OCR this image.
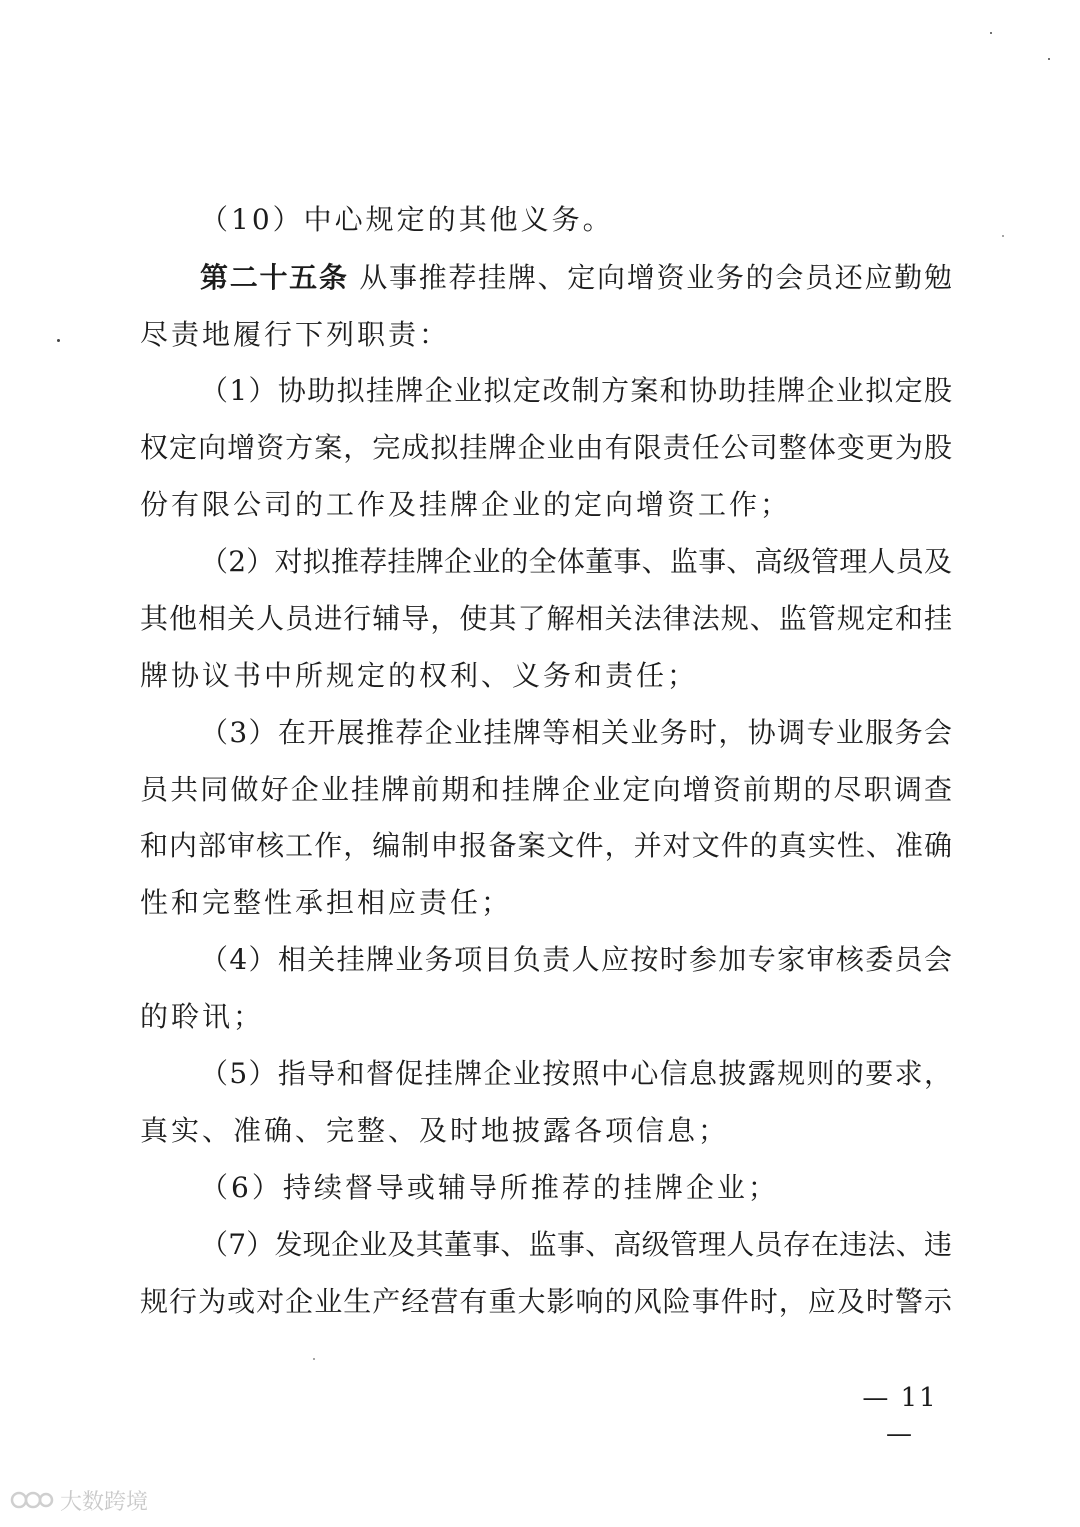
（10）中心规定的其他义务。
第二十五条 从事推荐挂牌、定向增资业务的会员还应勤勉
尽责地履行下列职责：
（1）协助拟挂牌企业拟定改制方案和协助挂牌企业拟定股
权定向增资方案，完成拟挂牌企业由有限责任公司整体变更为股
份有限公司的工作及挂牌企业的定向增资工作；
（2）对拟推荐挂牌企业的全体董事、监事、高级管理人员及
其他相关人员进行辅导，使其了解相关法律法规、监管规定和挂
牌协议书中所规定的权利、义务和责任；
（3）在开展推荐企业挂牌等相关业务时，协调专业服务会
员共同做好企业挂牌前期和挂牌企业定向增资前期的尽职调查
和内部审核工作，编制申报备案文件，并对文件的真实性、准确
性和完整性承担相应责任；
（4）相关挂牌业务项目负责人应按时参加专家审核委员会
的聆讯；
（5）指导和督促挂牌企业按照中心信息披露规则的要求，
真实、准确、完整、及时地披露各项信息；
（6）持续督导或辅导所推荐的挂牌企业；
（7）发现企业及其董事、监事、高级管理人员存在违法、违
规行为或对企业生产经营有重大影响的风险事件时，应及时警示
— 11 —
大数跨境
